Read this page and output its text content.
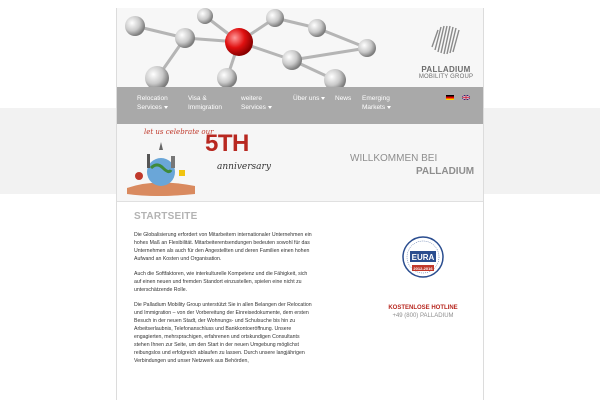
PALLADIUM
MOBILITY GROUP
Relocation
Services
Visa &
Immigration
weitere
Services
Über uns	News Emerging
Markets
let us celebrate our
5TH
anniversary
WILLKOMMEN BEI
PALLADIUM
STARTSEITE

Die Globalisierung erfordert von Mitarbeitern internationaler Unternehmen ein hohes Maß an Flexibilität. Mitarbeiterentsendungen bedeuten sowohl für das Unternehmen als auch für den Angestellten und deren Familien einen hohen Aufwand an Kosten und Organisation.

Auch die Softfaktoren, wie interkulturelle Kompetenz und die Fähigkeit, sich auf einen neuen und fremden Standort einzustellen, spielen eine nicht zu unterschätzende Rolle.

Die Palladium Mobility Group unterstützt Sie in allen Belangen der Relocation und Immigration – von der Vorbereitung der Einreisedokumente, dem ersten Besuch in der neuen Stadt, der Wohnungs- und Schulsuche bis hin zu Arbeitserlaubnis, Telefonanschluss und Bankkontoeröffnung. Unsere engagierten, mehrsprachigen, erfahrenen und ortskundigen Consultants stehen Ihnen zur Seite, um den Start in der neuen Umgebung möglichst reibungslos und erfolgreich ablaufen zu lassen. Durch unsere langjährigen Verbindungen und unser Netzwerk aus Behörden,

EURA
2012-2016
KOSTENLOSE HOTLINE
+49 (800) PALLADIUM
